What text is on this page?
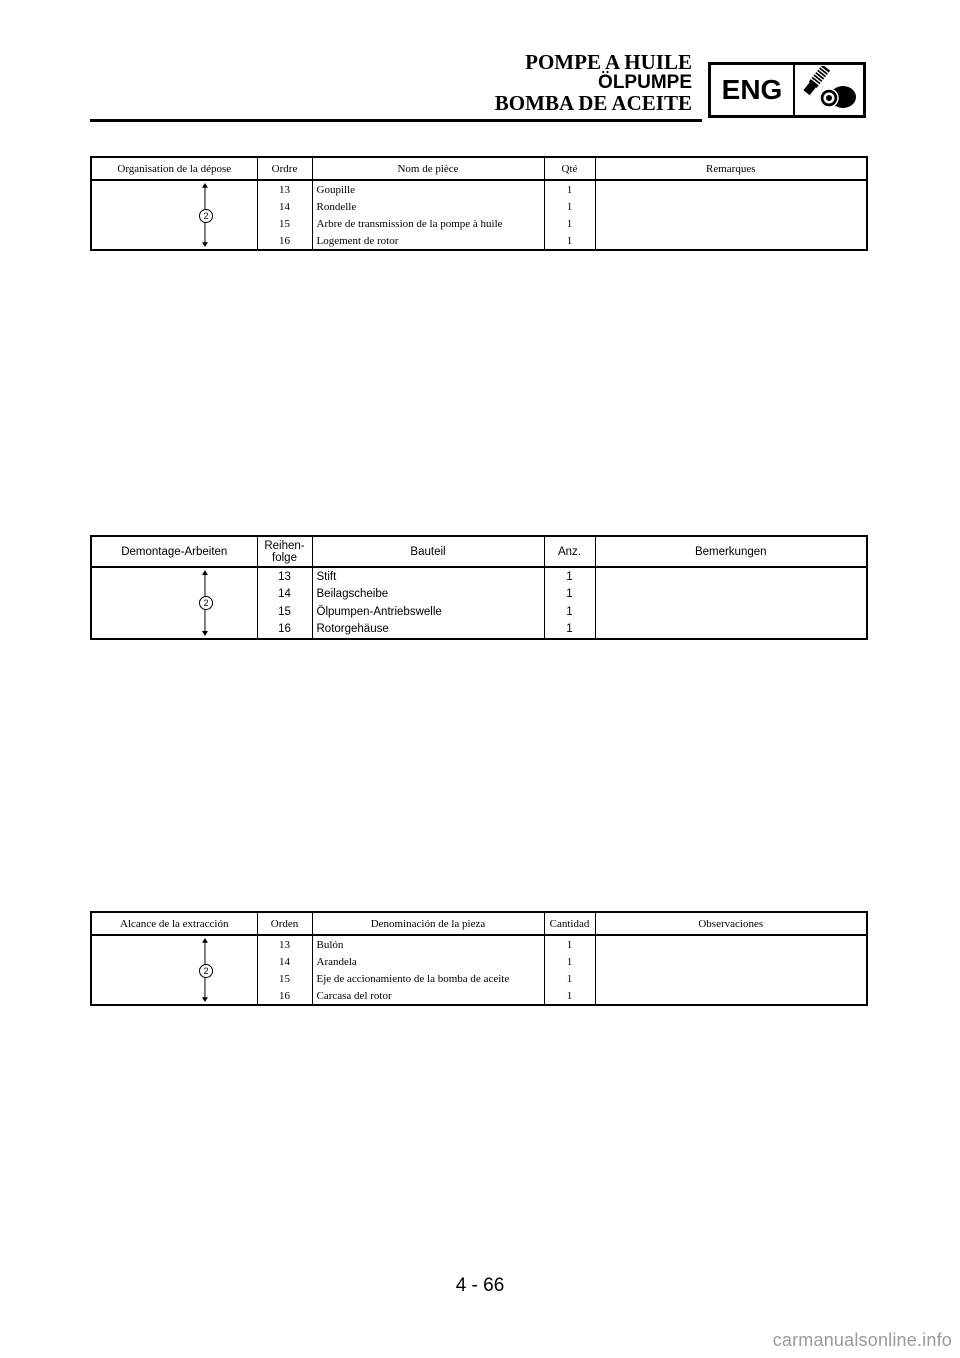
POMPE A HUILE
ÖLPUMPE
BOMBA DE ACEITE	ENG
Organisation de la dépose	Ordre	Nom de pièce	Qté	Remarques

2	13	Goupille	1	
	14	Rondelle	1	
	15	Arbre de transmission de la pompe à huile	1	
	16	Logement de rotor	1	
Demontage-Arbeiten	Reihen-
folge	Bauteil	Anz.	Bemerkungen

2	13	Stift	1	
	14	Beilagscheibe	1	
	15	Ölpumpen-Antriebswelle	1	
	16	Rotorgehäuse	1	
Alcance de la extracción	Orden	Denominación de la pieza	Cantidad	Observaciones

2	13	Bulón	1	
	14	Arandela	1	
	15	Eje de accionamiento de la bomba de aceite	1	
	16	Carcasa del rotor	1	
4 - 66
carmanualsonline.info
